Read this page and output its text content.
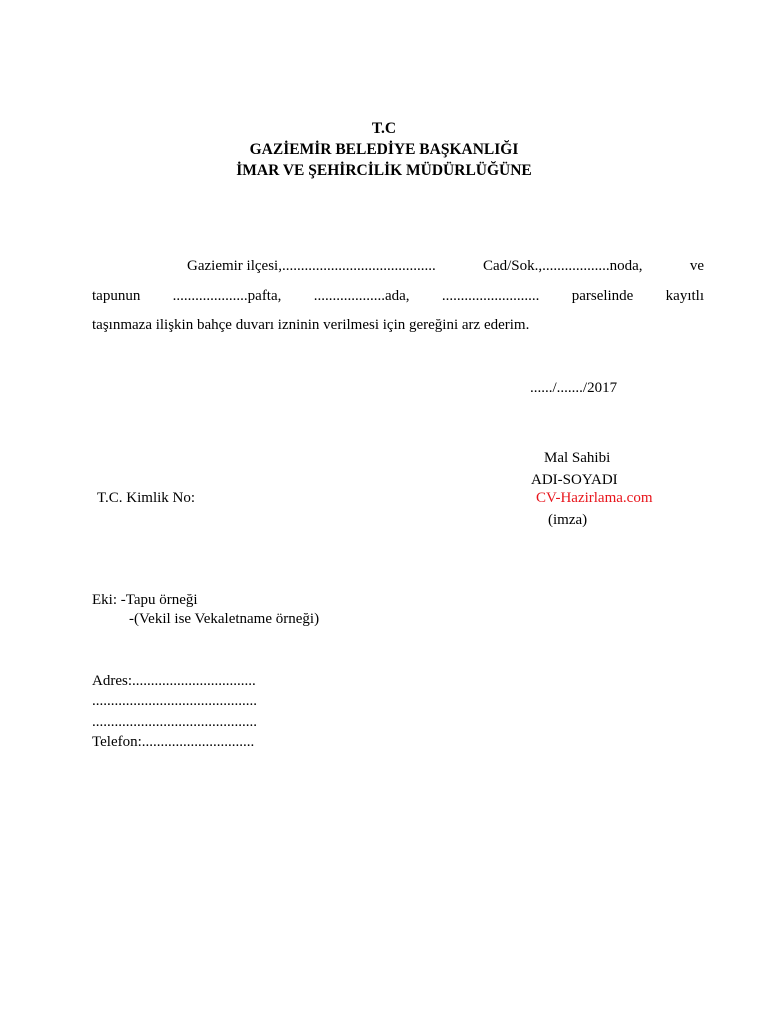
T.C
GAZİEMİR BELEDİYE BAŞKANLIĞI
İMAR VE ŞEHİRCİLİK MÜDÜRLÜĞÜNE
Gaziemir ilçesi,.........................................	Cad/Sok.,..................noda,	ve
tapunun ....................pafta, ...................ada, .......................... parselinde kayıtlı
taşınmaza ilişkin bahçe duvarı izninin verilmesi için gereğini arz ederim.
....../......./2017
Mal Sahibi
ADI-SOYADI
CV-Hazirlama.com
(imza)
T.C. Kimlik No:
Eki: -Tapu örneği
-(Vekil ise Vekaletname örneği)
Adres:.................................
............................................
............................................
Telefon:..............................
